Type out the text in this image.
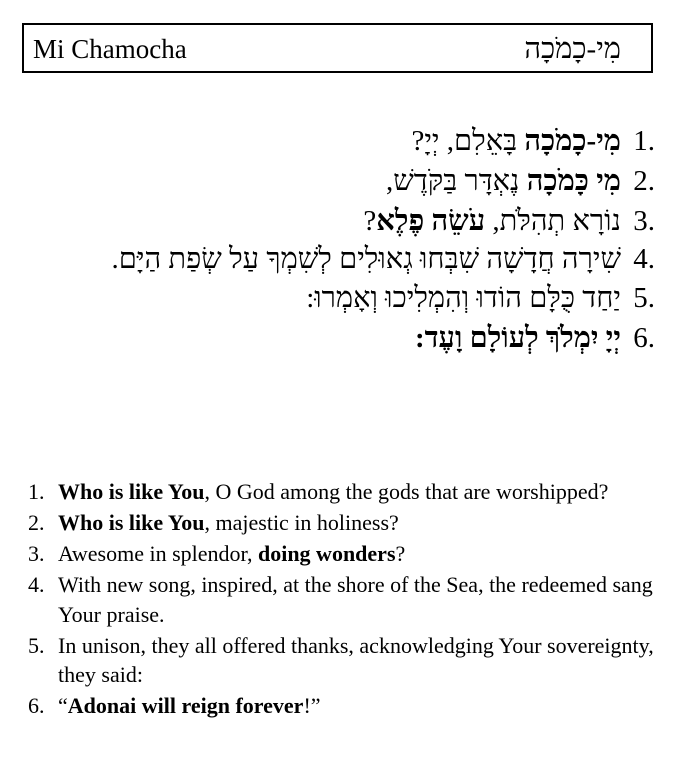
Mi Chamocha	מִי-כָמֹכָה
1.
מִי-כָמֹכָה בָּאֵלִם, יְיָ?
2.
מִי כָּמֹכָה נֶאְדָּר בַּקֹּדֶשׁ,
3.
נוֹרָא תְהִלֹּת, עֹשֵׂה פֶלֶא?
4.
שִׁירָה חֲדָשָׁה שִׁבְּחוּ גְאוּלִים לְשִׁמְךָ עַל שְׂפַת הַיָּם.
5.
יַחַד כֻּלָּם הוֹדוּ וְהִמְלִיכוּ וְאָמְרוּ:
6.
יְיָ יִמְלֹךְ לְעוֹלָם וָעֶד:
1. Who is like You, O God among the gods that are worshipped?
2. Who is like You, majestic in holiness?
3. Awesome in splendor, doing wonders?
4. With new song, inspired, at the shore of the Sea, the redeemed sang Your praise.
5. In unison, they all offered thanks, acknowledging Your sovereignty, they said:
6. “Adonai will reign forever!”
